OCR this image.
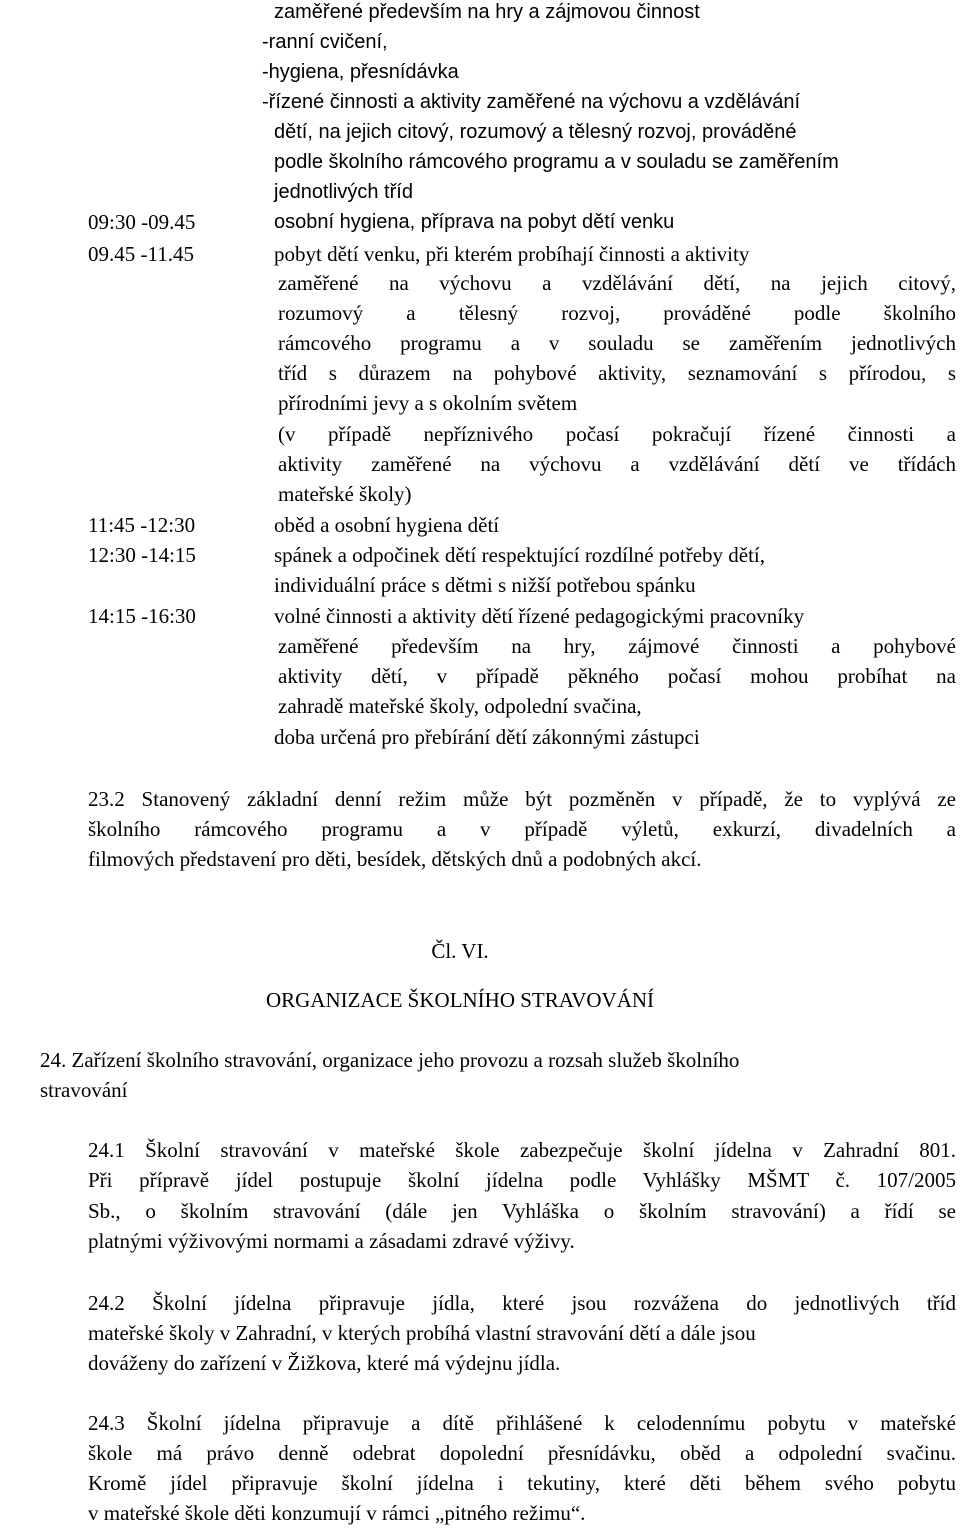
zaměřené především na hry a zájmovou činnost
-ranní cvičení,
-hygiena, přesnídávka
-řízené činnosti a aktivity zaměřené na výchovu a vzdělávání
dětí, na jejich citový, rozumový a tělesný rozvoj, prováděné
podle školního rámcového programu a v souladu se zaměřením
jednotlivých tříd
09:30 -09.45	osobní hygiena, příprava na pobyt dětí venku
09.45 -11.45	pobyt dětí venku, při kterém probíhají činnosti a aktivity
zaměřené na výchovu a vzdělávání dětí, na jejich citový,
rozumový a tělesný rozvoj, prováděné podle školního
rámcového programu a v souladu se zaměřením jednotlivých
tříd s důrazem na pohybové aktivity, seznamování s přírodou, s
přírodními jevy a s okolním světem
(v případě nepříznivého počasí pokračují řízené činnosti a
aktivity zaměřené na výchovu a vzdělávání dětí ve třídách
mateřské školy)
11:45 -12:30	oběd a osobní hygiena dětí
12:30 -14:15	spánek a odpočinek dětí respektující rozdílné potřeby dětí,
individuální práce s dětmi s nižší potřebou spánku
14:15 -16:30	volné činnosti a aktivity dětí řízené pedagogickými pracovníky
zaměřené především na hry, zájmové činnosti a pohybové
aktivity dětí, v případě pěkného počasí mohou probíhat na
zahradě mateřské školy, odpolední svačina,
doba určená pro přebírání dětí zákonnými zástupci
23.2 Stanovený základní denní režim může být pozměněn v případě, že to vyplývá ze
školního rámcového programu a v případě výletů, exkurzí, divadelních a
filmových představení pro děti, besídek, dětských dnů a podobných akcí.
Čl. VI.
ORGANIZACE ŠKOLNÍHO STRAVOVÁNÍ
24. Zařízení školního stravování, organizace jeho provozu a rozsah služeb školního
stravování
24.1 Školní stravování v mateřské škole zabezpečuje školní jídelna v Zahradní 801.
Při přípravě jídel postupuje školní jídelna podle Vyhlášky MŠMT č. 107/2005
Sb., o školním stravování (dále jen Vyhláška o školním stravování) a řídí se
platnými výživovými normami a zásadami zdravé výživy.
24.2 Školní jídelna připravuje jídla, které jsou rozvážena do jednotlivých tříd
mateřské školy v Zahradní, v kterých probíhá vlastní stravování dětí a dále jsou
dováženy do zařízení v Žižkova, které má výdejnu jídla.
24.3 Školní jídelna připravuje a dítě přihlášené k celodennímu pobytu v mateřské
škole má právo denně odebrat dopolední přesnídávku, oběd a odpolední svačinu.
Kromě jídel připravuje školní jídelna i tekutiny, které děti během svého pobytu
v mateřské škole děti konzumují v rámci „pitného režimu“.
